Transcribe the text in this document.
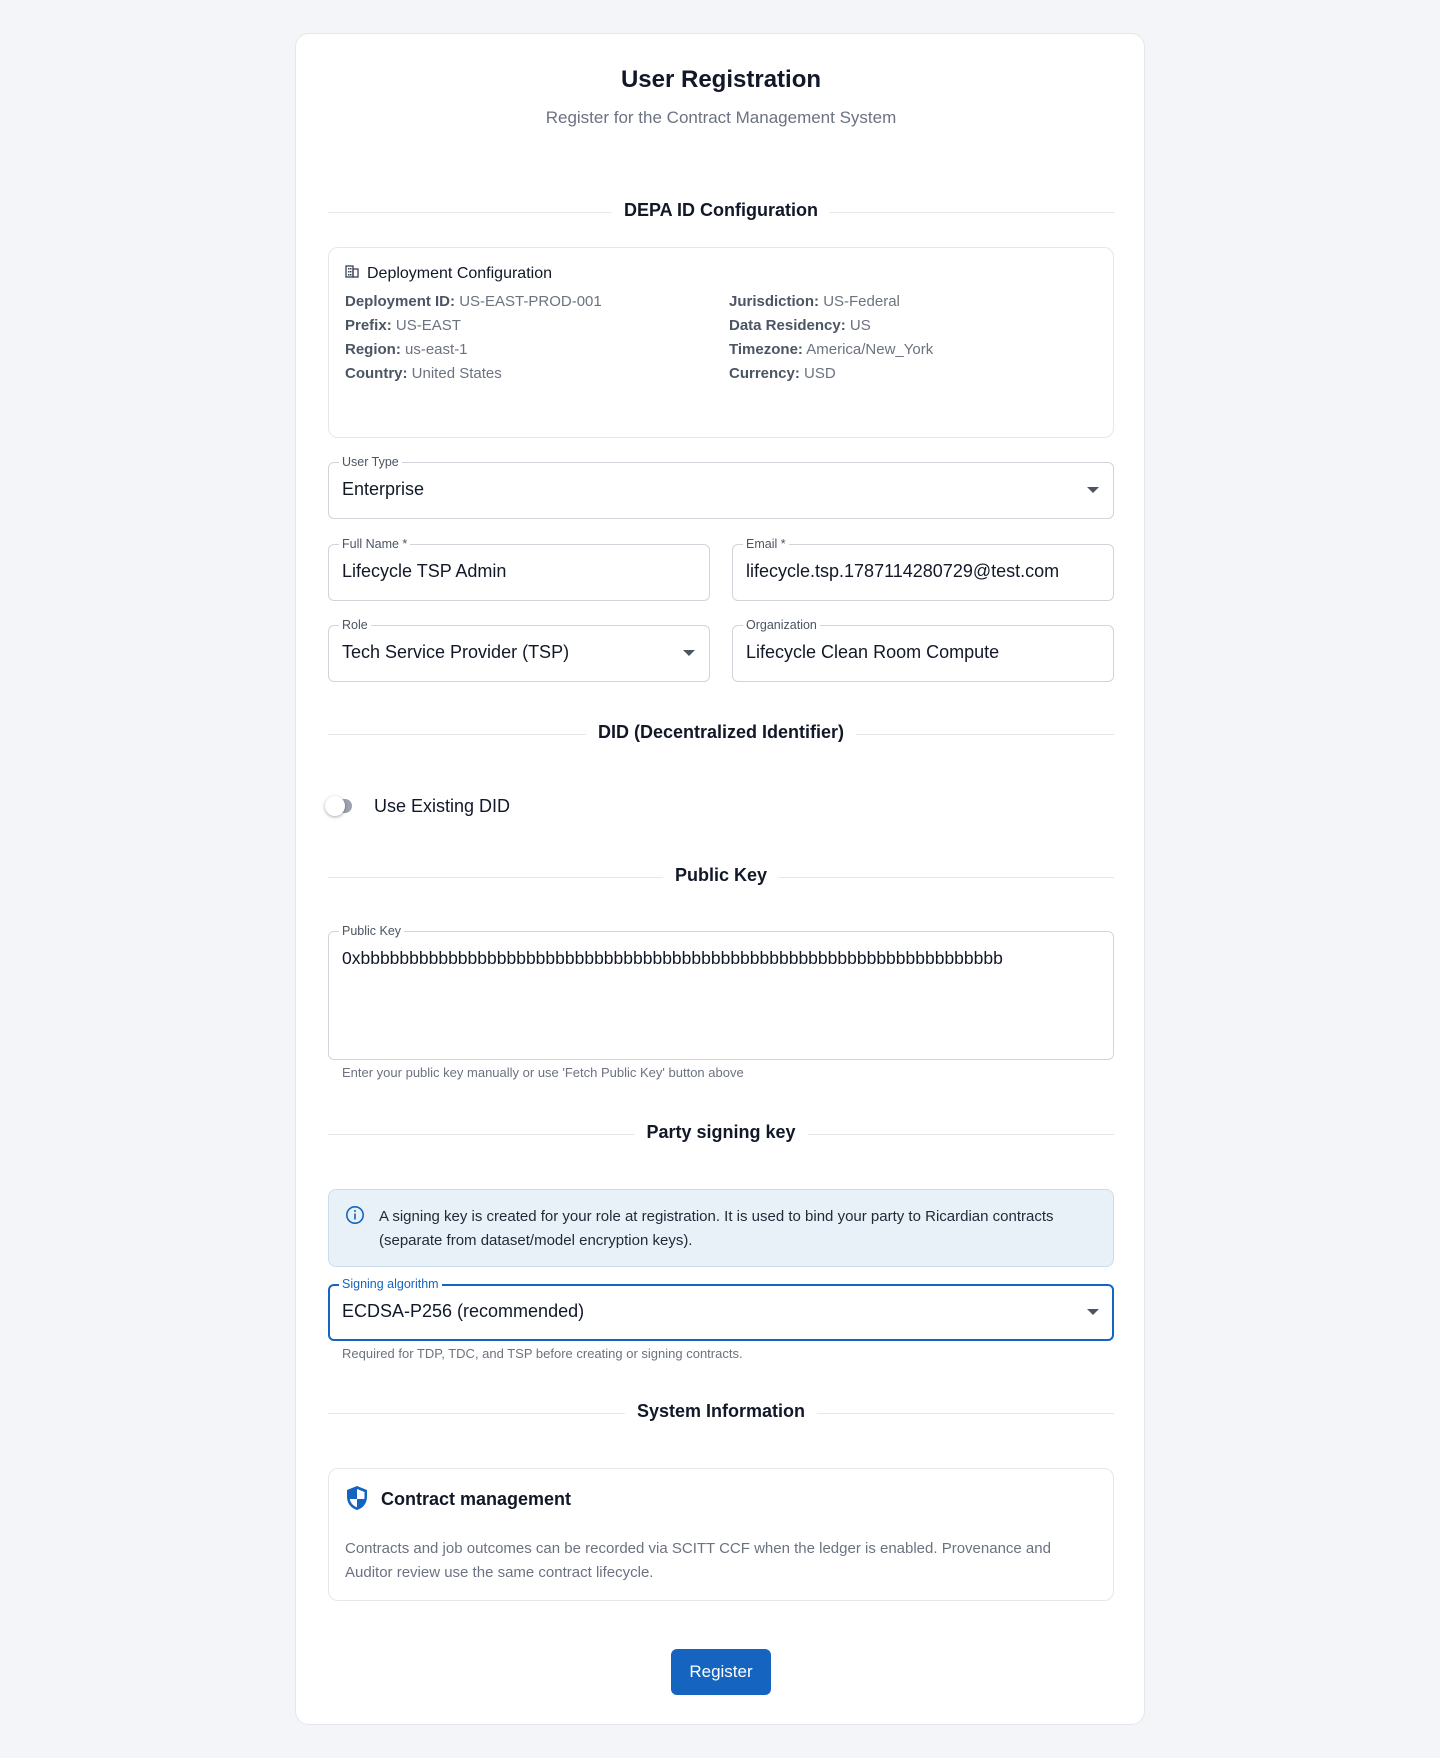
User Registration
Register for the Contract Management System
DEPA ID Configuration
Deployment Configuration
Deployment ID: US-EAST-PROD-001
Prefix: US-EAST
Region: us-east-1
Country: United States
Jurisdiction: US-Federal
Data Residency: US
Timezone: America/New_York
Currency: USD
User Type
Enterprise
Full Name *
Lifecycle TSP Admin
Email *
lifecycle.tsp.1787114280729@test.com
Role
Tech Service Provider (TSP)
Organization
Lifecycle Clean Room Compute
DID (Decentralized Identifier)
Use Existing DID
Public Key
Public Key
0xbbbbbbbbbbbbbbbbbbbbbbbbbbbbbbbbbbbbbbbbbbbbbbbbbbbbbbbbbbbbbbbbbb
Enter your public key manually or use 'Fetch Public Key' button above
Party signing key
A signing key is created for your role at registration. It is used to bind your party to Ricardian contracts (separate from dataset/model encryption keys).
Signing algorithm
ECDSA-P256 (recommended)
Required for TDP, TDC, and TSP before creating or signing contracts.
System Information
Contract management
Contracts and job outcomes can be recorded via SCITT CCF when the ledger is enabled. Provenance and Auditor review use the same contract lifecycle.
Register
